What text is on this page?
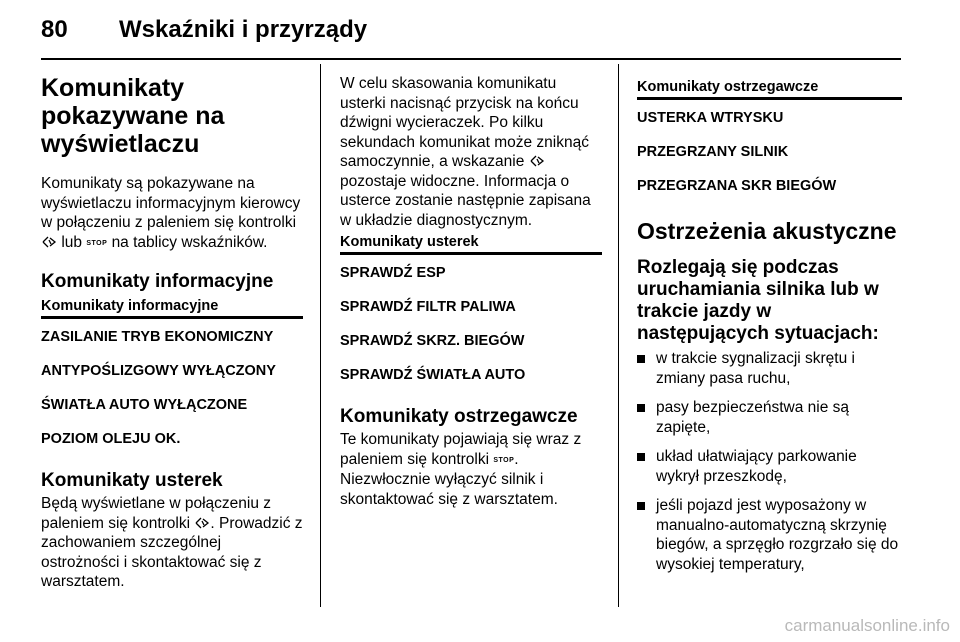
80 Wskaźniki i przyrządy

Komunikaty pokazywane na wyświetlaczu

Komunikaty są pokazywane na wyświetlaczu informacyjnym kierowcy w połączeniu z paleniem się kontrolki  lub STOP na tablicy wskaźników.

Komunikaty informacyjne

Komunikaty informacyjne

ZASILANIE TRYB EKONOMICZNY

ANTYPOŚLIZGOWY WYŁĄCZONY

ŚWIATŁA AUTO WYŁĄCZONE

POZIOM OLEJU OK.

Komunikaty usterek

Będą wyświetlane w połączeniu z paleniem się kontrolki . Prowadzić z zachowaniem szczególnej ostrożności i skontaktować się z warsztatem.

W celu skasowania komunikatu usterki nacisnąć przycisk na końcu dźwigni wycieraczek. Po kilku sekundach komunikat może zniknąć samoczynnie, a wskazanie  pozostaje widoczne. Informacja o usterce zostanie następnie zapisana w układzie diagnostycznym.

Komunikaty usterek

SPRAWDŹ ESP

SPRAWDŹ FILTR PALIWA

SPRAWDŹ SKRZ. BIEGÓW

SPRAWDŹ ŚWIATŁA AUTO

Komunikaty ostrzegawcze

Te komunikaty pojawiają się wraz z paleniem się kontrolki STOP. Niezwłocznie wyłączyć silnik i skontaktować się z warsztatem.

Komunikaty ostrzegawcze

USTERKA WTRYSKU

PRZEGRZANY SILNIK

PRZEGRZANA SKR BIEGÓW

Ostrzeżenia akustyczne

Rozlegają się podczas uruchamiania silnika lub w trakcie jazdy w następujących sytuacjach:

w trakcie sygnalizacji skrętu i zmiany pasa ruchu,
pasy bezpieczeństwa nie są zapięte,
układ ułatwiający parkowanie wykrył przeszkodę,
jeśli pojazd jest wyposażony w manualno-automatyczną skrzynię biegów, a sprzęgło rozgrzało się do wysokiej temperatury,
carmanualsonline.info
